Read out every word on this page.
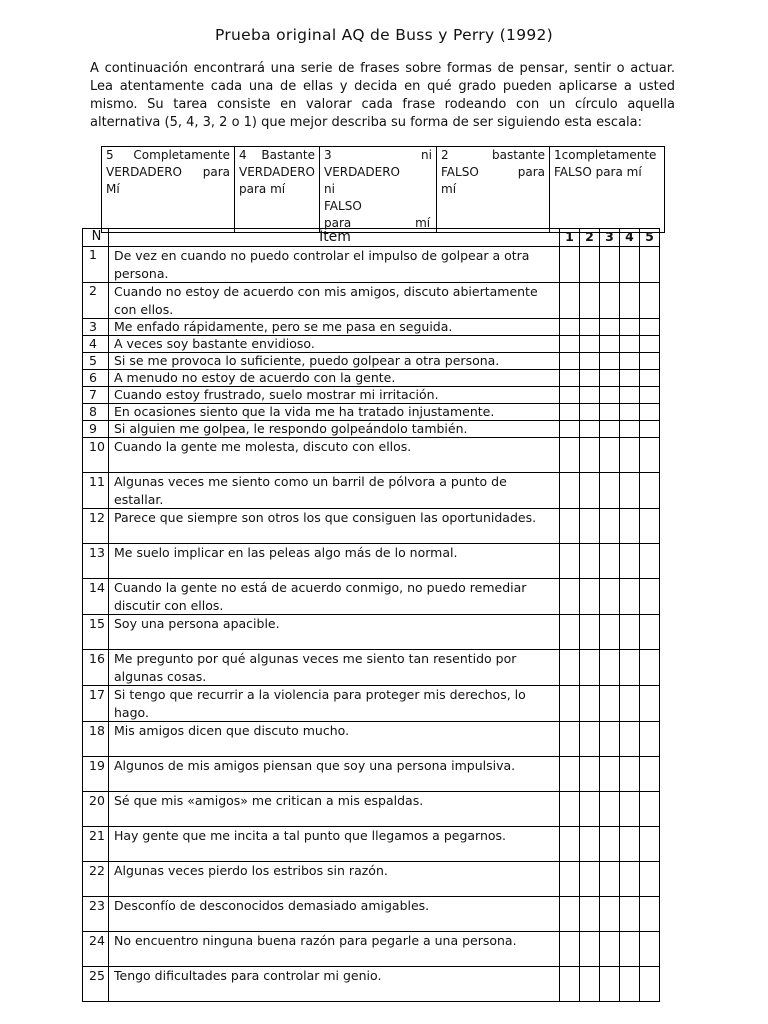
Prueba original AQ de Buss y Perry (1992)

A continuación encontrará una serie de frases sobre formas de pensar, sentir o actuar. Lea atentamente cada una de ellas y decida en qué grado pueden aplicarse a usted mismo. Su tarea consiste en valorar cada frase rodeando con un círculo aquella alternativa (5, 4, 3, 2 o 1) que mejor describa su forma de ser siguiendo esta escala:

5 Completamente VERDADERO para Mí	4 Bastante VERDADERO para mí	3 ni VERDADERO ni FALSO para mí	2 bastante FALSO para mí	1completamente FALSO para mí
N	Ítem	1	2	3	4	5
1	De vez en cuando no puedo controlar el impulso de golpear a otra persona.					
2	Cuando no estoy de acuerdo con mis amigos, discuto abiertamente con ellos.					
3	Me enfado rápidamente, pero se me pasa en seguida.					
4	A veces soy bastante envidioso.					
5	Si se me provoca lo suficiente, puedo golpear a otra persona.					
6	A menudo no estoy de acuerdo con la gente.					
7	Cuando estoy frustrado, suelo mostrar mi irritación.					
8	En ocasiones siento que la vida me ha tratado injustamente.					
9	Si alguien me golpea, le respondo golpeándolo también.					
10	Cuando la gente me molesta, discuto con ellos.					
11	Algunas veces me siento como un barril de pólvora a punto de estallar.					
12	Parece que siempre son otros los que consiguen las oportunidades.					
13	Me suelo implicar en las peleas algo más de lo normal.					
14	Cuando la gente no está de acuerdo conmigo, no puedo remediar discutir con ellos.					
15	Soy una persona apacible.					
16	Me pregunto por qué algunas veces me siento tan resentido por algunas cosas.					
17	Si tengo que recurrir a la violencia para proteger mis derechos, lo hago.					
18	Mis amigos dicen que discuto mucho.					
19	Algunos de mis amigos piensan que soy una persona impulsiva.					
20	Sé que mis «amigos» me critican a mis espaldas.					
21	Hay gente que me incita a tal punto que llegamos a pegarnos.					
22	Algunas veces pierdo los estribos sin razón.					
23	Desconfío de desconocidos demasiado amigables.					
24	No encuentro ninguna buena razón para pegarle a una persona.					
25	Tengo dificultades para controlar mi genio.					
